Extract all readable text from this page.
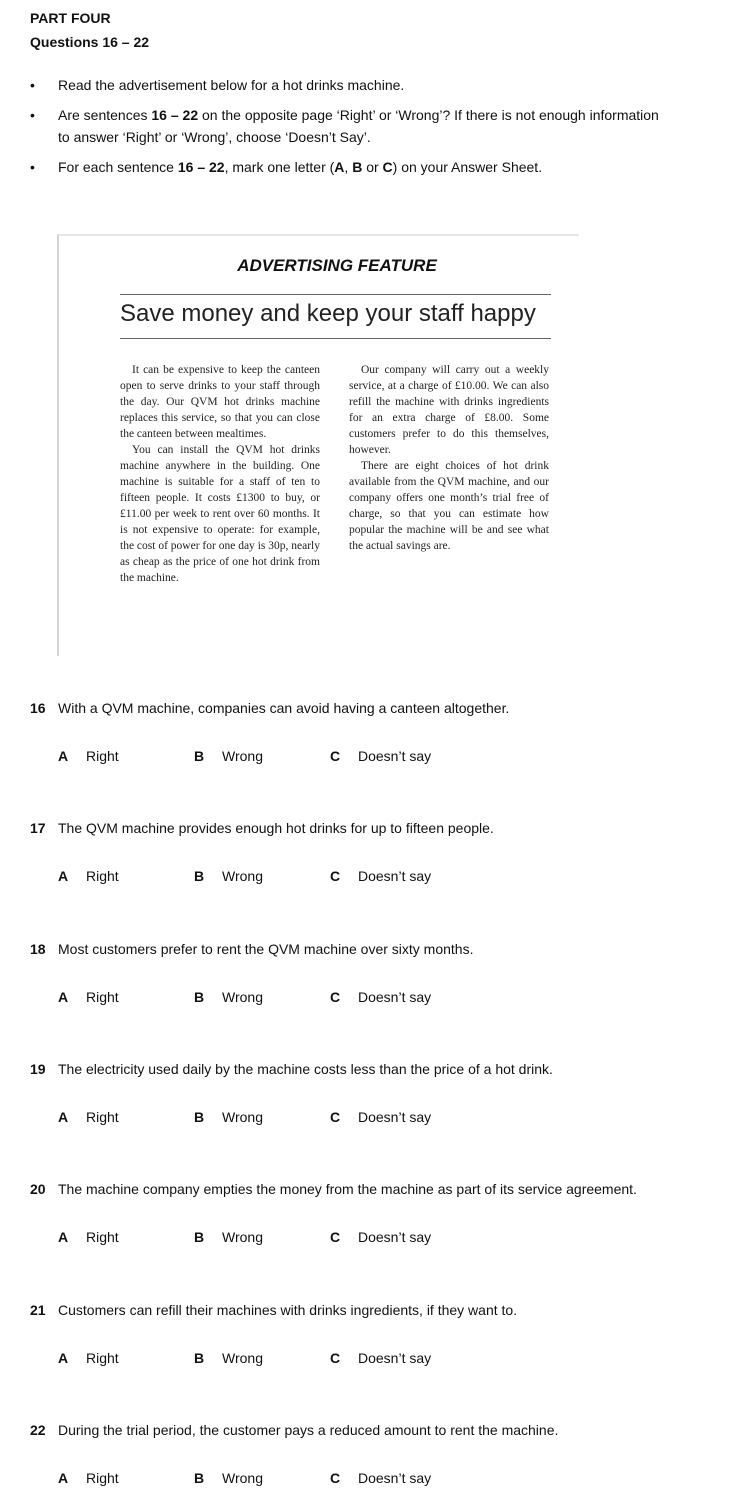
PART FOUR
Questions 16 – 22
• Read the advertisement below for a hot drinks machine.
• Are sentences 16 – 22 on the opposite page ‘Right’ or ‘Wrong’? If there is not enough information to answer ‘Right’ or ‘Wrong’, choose ‘Doesn’t Say’.
• For each sentence 16 – 22, mark one letter (A, B or C) on your Answer Sheet.
ADVERTISING FEATURE
Save money and keep your staff happy

It can be expensive to keep the canteen open to serve drinks to your staff through the day. Our QVM hot drinks machine replaces this service, so that you can close the canteen between mealtimes.

You can install the QVM hot drinks machine anywhere in the building. One machine is suitable for a staff of ten to fifteen people. It costs £1300 to buy, or £11.00 per week to rent over 60 months. It is not expensive to operate: for example, the cost of power for one day is 30p, nearly as cheap as the price of one hot drink from the machine.

Our company will carry out a weekly service, at a charge of £10.00. We can also refill the machine with drinks ingredients for an extra charge of £8.00. Some customers prefer to do this themselves, however.

There are eight choices of hot drink available from the QVM machine, and our company offers one month’s trial free of charge, so that you can estimate how popular the machine will be and see what the actual savings are.

16 With a QVM machine, companies can avoid having a canteen altogether.
A Right	B Wrong	C Doesn’t say
17 The QVM machine provides enough hot drinks for up to fifteen people.
A Right	B Wrong	C Doesn’t say
18 Most customers prefer to rent the QVM machine over sixty months.
A Right	B Wrong	C Doesn’t say
19 The electricity used daily by the machine costs less than the price of a hot drink.
A Right	B Wrong	C Doesn’t say
20 The machine company empties the money from the machine as part of its service agreement.
A Right	B Wrong	C Doesn’t say
21 Customers can refill their machines with drinks ingredients, if they want to.
A Right	B Wrong	C Doesn’t say
22 During the trial period, the customer pays a reduced amount to rent the machine.
A Right	B Wrong	C Doesn’t say
